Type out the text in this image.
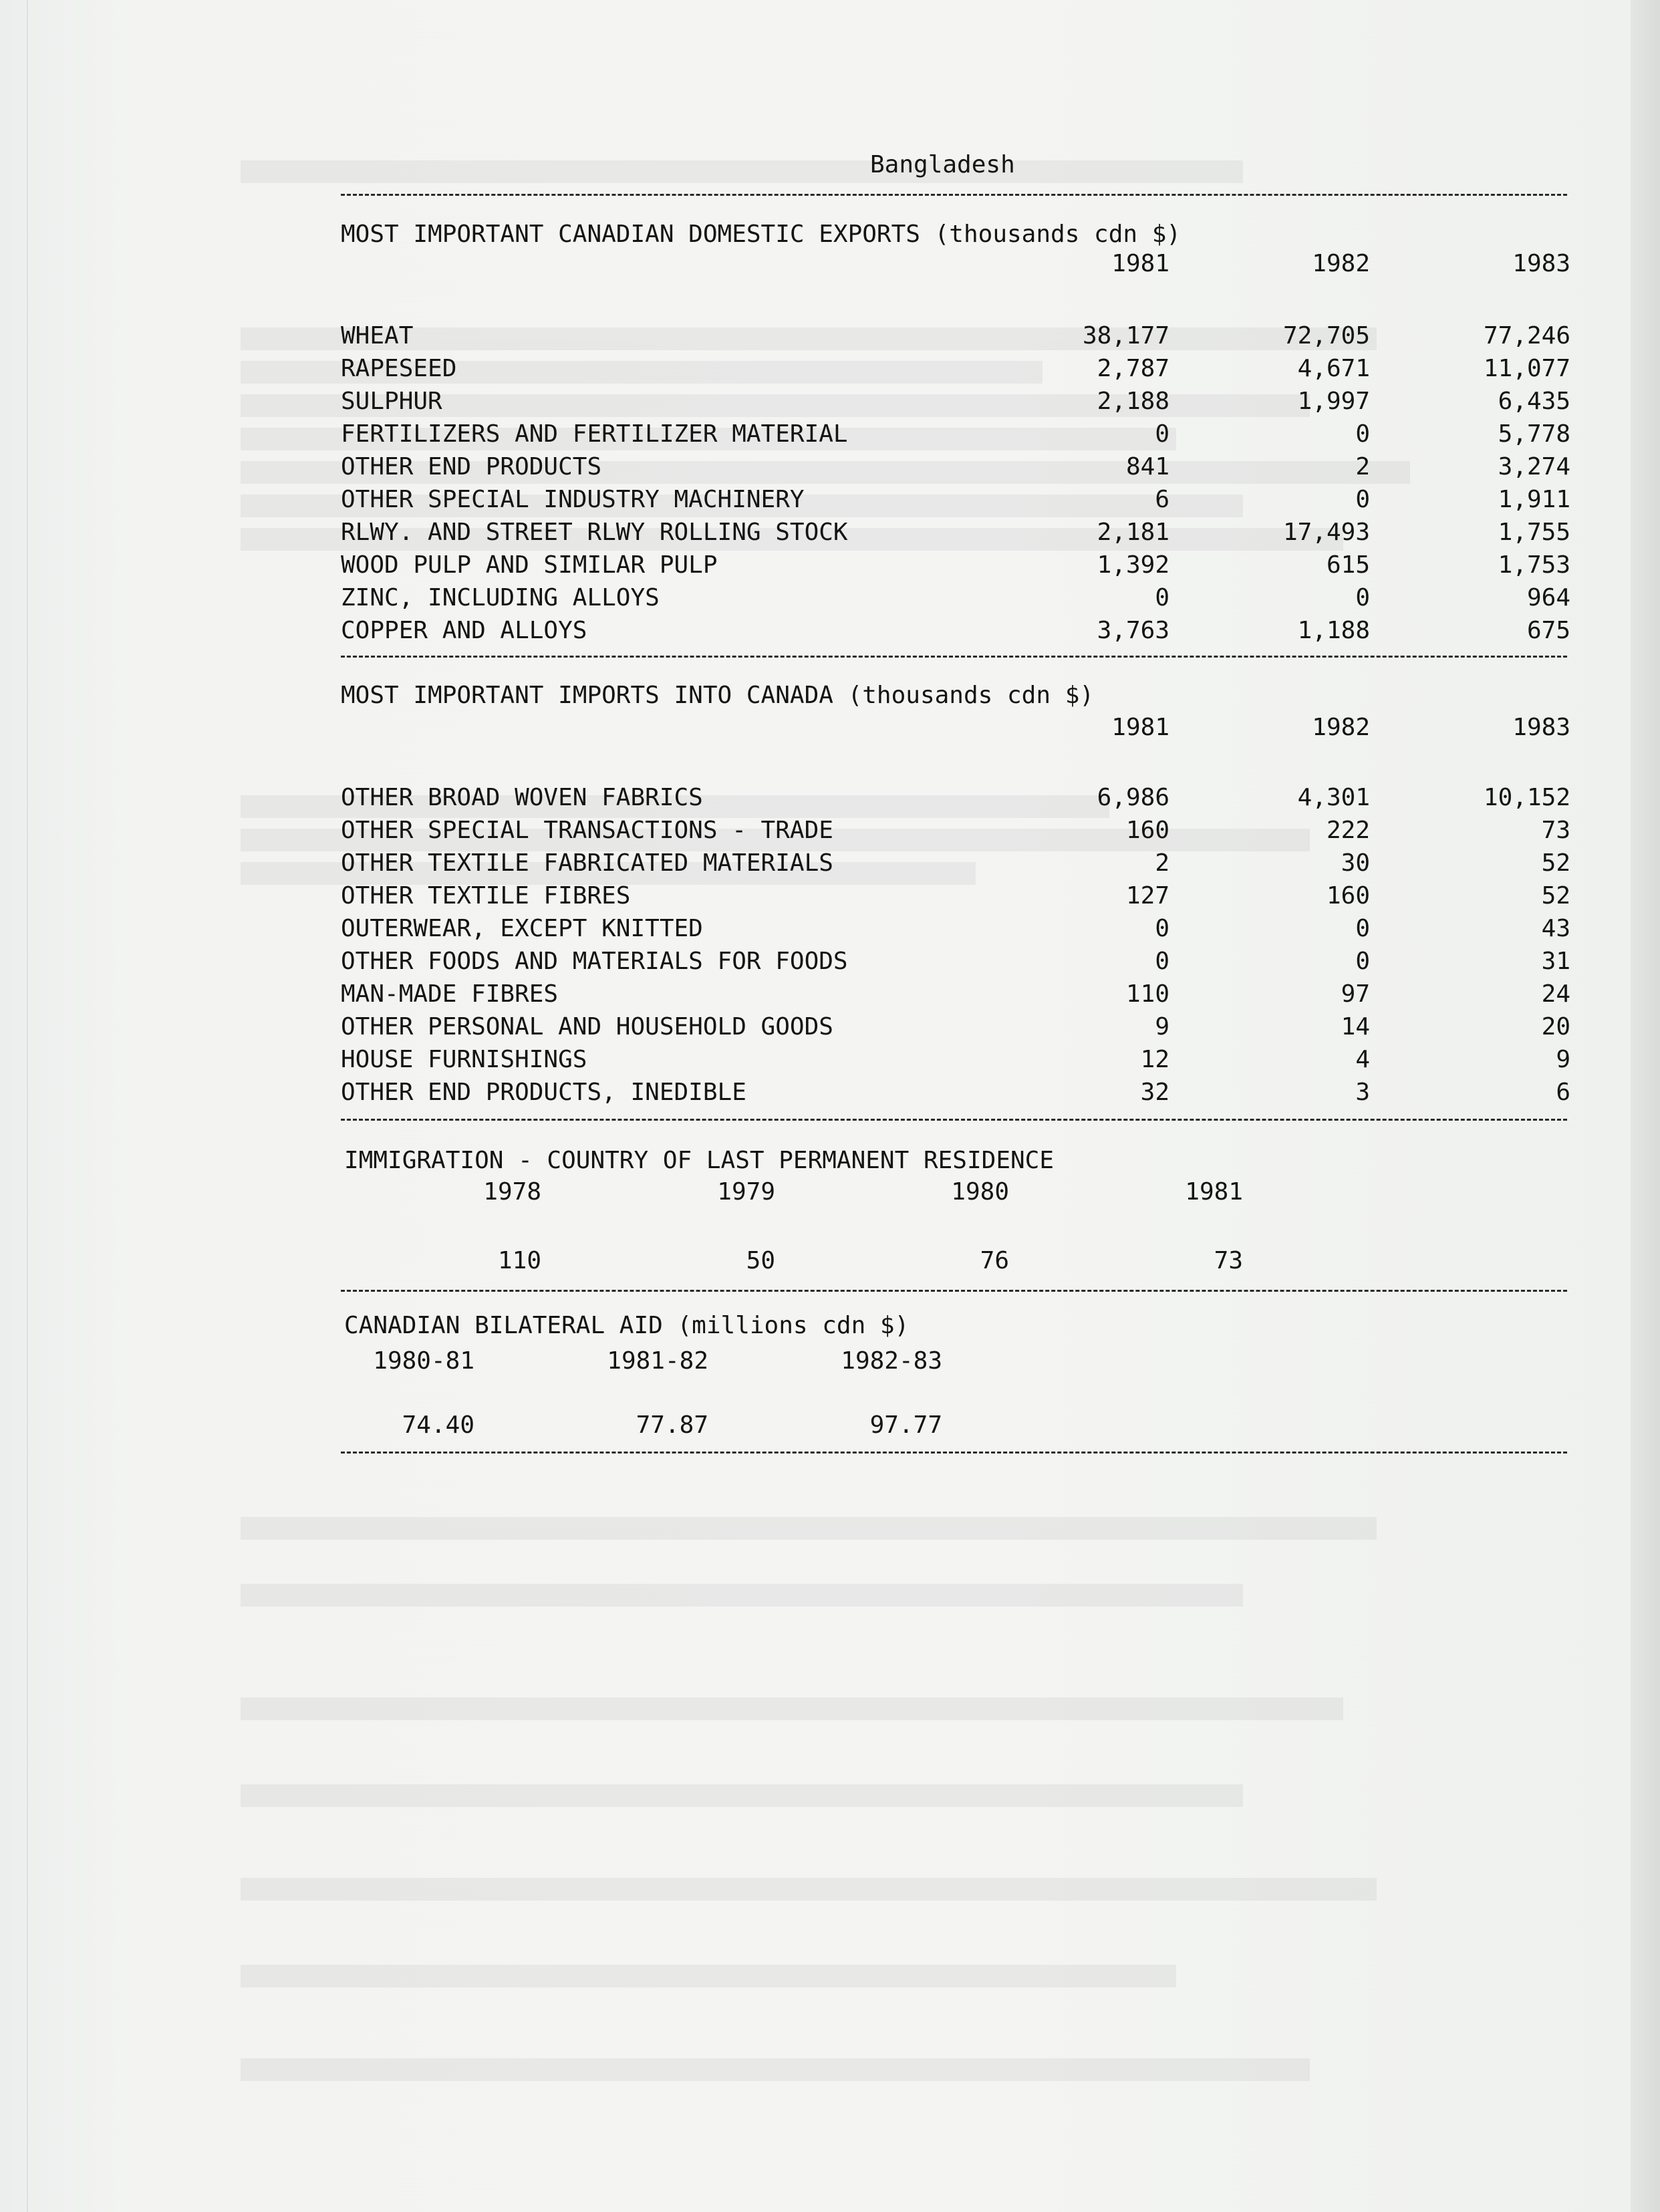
Bangladesh
MOST IMPORTANT CANADIAN DOMESTIC EXPORTS (thousands cdn $)
1981	1982	1983
WHEAT	38,177	72,705	77,246
RAPESEED	2,787	4,671	11,077
SULPHUR	2,188	1,997	6,435
FERTILIZERS AND FERTILIZER MATERIAL	0	0	5,778
OTHER END PRODUCTS	841	2	3,274
OTHER SPECIAL INDUSTRY MACHINERY	6	0	1,911
RLWY. AND STREET RLWY ROLLING STOCK	2,181	17,493	1,755
WOOD PULP AND SIMILAR PULP	1,392	615	1,753
ZINC, INCLUDING ALLOYS	0	0	964
COPPER AND ALLOYS	3,763	1,188	675
MOST IMPORTANT IMPORTS INTO CANADA (thousands cdn $)
1981	1982	1983
OTHER BROAD WOVEN FABRICS	6,986	4,301	10,152
OTHER SPECIAL TRANSACTIONS - TRADE	160	222	73
OTHER TEXTILE FABRICATED MATERIALS	2	30	52
OTHER TEXTILE FIBRES	127	160	52
OUTERWEAR, EXCEPT KNITTED	0	0	43
OTHER FOODS AND MATERIALS FOR FOODS	0	0	31
MAN-MADE FIBRES	110	97	24
OTHER PERSONAL AND HOUSEHOLD GOODS	9	14	20
HOUSE FURNISHINGS	12	4	9
OTHER END PRODUCTS, INEDIBLE	32	3	6
IMMIGRATION - COUNTRY OF LAST PERMANENT RESIDENCE
1978	1979	1980	1981
110	50	76	73
CANADIAN BILATERAL AID (millions cdn $)
1980-81	1981-82	1982-83
74.40	77.87	97.77
